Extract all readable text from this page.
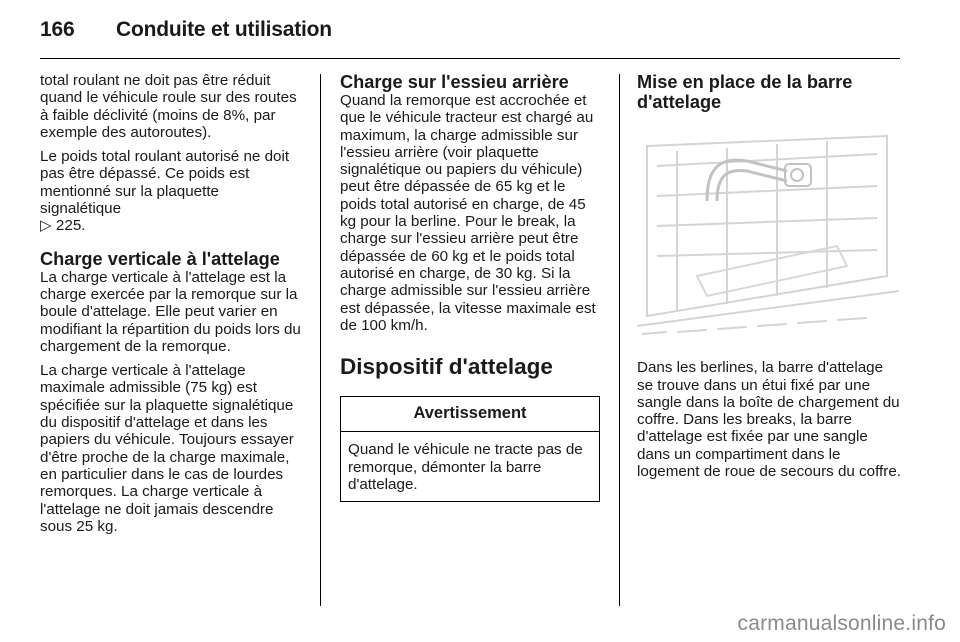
166 Conduite et utilisation

total roulant ne doit pas être réduit quand le véhicule roule sur des routes à faible déclivité (moins de 8%, par exemple des autoroutes).

Le poids total roulant autorisé ne doit pas être dépassé. Ce poids est mentionné sur la plaquette signalétique
▷ 225.

Charge verticale à l'attelage

La charge verticale à l'attelage est la charge exercée par la remorque sur la boule d'attelage. Elle peut varier en modifiant la répartition du poids lors du chargement de la remorque.

La charge verticale à l'attelage maximale admissible (75 kg) est spécifiée sur la plaquette signalétique du dispositif d'attelage et dans les papiers du véhicule. Toujours essayer d'être proche de la charge maximale, en particulier dans le cas de lourdes remorques. La charge verticale à l'attelage ne doit jamais descendre sous 25 kg.

Charge sur l'essieu arrière

Quand la remorque est accrochée et que le véhicule tracteur est chargé au maximum, la charge admissible sur l'essieu arrière (voir plaquette signalétique ou papiers du véhicule) peut être dépassée de 65 kg et le poids total autorisé en charge, de 45 kg pour la berline. Pour le break, la charge sur l'essieu arrière peut être dépassée de 60 kg et le poids total autorisé en charge, de 30 kg. Si la charge admissible sur l'essieu arrière est dépassée, la vitesse maximale est de 100 km/h.

Dispositif d'attelage
Avertissement
Quand le véhicule ne tracte pas de remorque, démonter la barre d'attelage.
Mise en place de la barre d'attelage

Dans les berlines, la barre d'attelage se trouve dans un étui fixé par une sangle dans la boîte de chargement du coffre. Dans les breaks, la barre d'attelage est fixée par une sangle dans un compartiment dans le logement de roue de secours du coffre.

carmanualsonline.info
